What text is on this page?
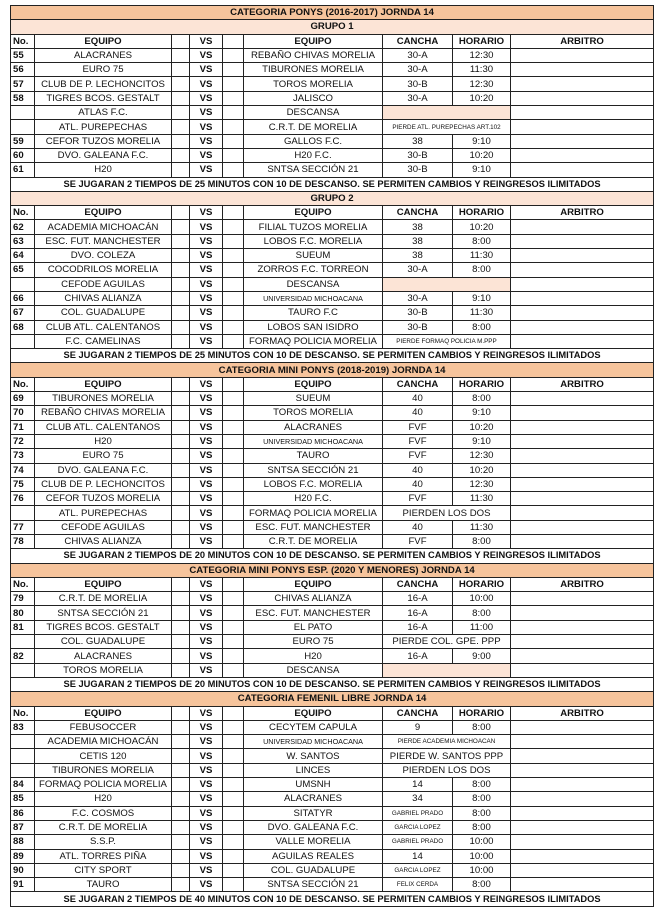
CATEGORIA PONYS (2016-2017) JORNDA 14								
GRUPO 1								
No.	EQUIPO		VS		EQUIPO	CANCHA	HORARIO	ARBITRO
55	ALACRANES		VS		REBAÑO CHIVAS MORELIA	30-A	12:30	
56	EURO 75		VS		TIBURONES MORELIA	30-A	11:30	
57	CLUB DE P. LECHONCITOS		VS		TOROS MORELIA	30-B	12:30	
58	TIGRES BCOS. GESTALT		VS		JALISCO	30-A	10:20	
	ATLAS F.C.		VS		DESCANSA			
	ATL. PUREPECHAS		VS		C.R.T. DE MORELIA	PIERDE ATL. PUREPECHAS ART.102		
59	CEFOR TUZOS MORELIA		VS		GALLOS F.C.	38	9:10	
60	DVO. GALEANA F.C.		VS		H20 F.C.	30-B	10:20	
61	H20		VS		SNTSA SECCIÓN 21	30-B	9:10	
SE JUGARAN 2 TIEMPOS DE 25 MINUTOS CON 10 DE DESCANSO. SE PERMITEN CAMBIOS Y REINGRESOS ILIMITADOS								
GRUPO 2								
No.	EQUIPO		VS		EQUIPO	CANCHA	HORARIO	ARBITRO
62	ACADEMIA MICHOACÁN		VS		FILIAL TUZOS MORELIA	38	10:20	
63	ESC. FUT. MANCHESTER		VS		LOBOS F.C. MORELIA	38	8:00	
64	DVO. COLEZA		VS		SUEUM	38	11:30	
65	COCODRILOS MORELIA		VS		ZORROS F.C. TORREON	30-A	8:00	
	CEFODE AGUILAS		VS		DESCANSA			
66	CHIVAS ALIANZA		VS		UNIVERSIDAD MICHOACANA	30-A	9:10	
67	COL. GUADALUPE		VS		TAURO F.C	30-B	11:30	
68	CLUB ATL. CALENTANOS		VS		LOBOS SAN ISIDRO	30-B	8:00	
	F.C. CAMELINAS		VS		FORMAQ POLICIA MORELIA	PIERDE FORMAQ POLICIA M.PPP		
SE JUGARAN 2 TIEMPOS DE 25 MINUTOS CON 10 DE DESCANSO. SE PERMITEN CAMBIOS Y REINGRESOS ILIMITADOS								
CATEGORIA MINI PONYS (2018-2019) JORNDA 14								
No.	EQUIPO		VS		EQUIPO	CANCHA	HORARIO	ARBITRO
69	TIBURONES MORELIA		VS		SUEUM	40	8:00	
70	REBAÑO CHIVAS MORELIA		VS		TOROS MORELIA	40	9:10	
71	CLUB ATL. CALENTANOS		VS		ALACRANES	FVF	10:20	
72	H20		VS		UNIVERSIDAD MICHOACANA	FVF	9:10	
73	EURO 75		VS		TAURO	FVF	12:30	
74	DVO. GALEANA F.C.		VS		SNTSA SECCIÓN 21	40	10:20	
75	CLUB DE P. LECHONCITOS		VS		LOBOS F.C. MORELIA	40	12:30	
76	CEFOR TUZOS MORELIA		VS		H20 F.C.	FVF	11:30	
	ATL. PUREPECHAS		VS		FORMAQ POLICIA MORELIA	PIERDEN LOS DOS		
77	CEFODE AGUILAS		VS		ESC. FUT. MANCHESTER	40	11:30	
78	CHIVAS ALIANZA		VS		C.R.T. DE MORELIA	FVF	8:00	
SE JUGARAN 2 TIEMPOS DE 20 MINUTOS CON 10 DE DESCANSO. SE PERMITEN CAMBIOS Y REINGRESOS ILIMITADOS								
CATEGORIA MINI PONYS ESP. (2020 Y MENORES) JORNDA 14								
No.	EQUIPO		VS		EQUIPO	CANCHA	HORARIO	ARBITRO
79	C.R.T. DE MORELIA		VS		CHIVAS ALIANZA	16-A	10:00	
80	SNTSA SECCIÓN 21		VS		ESC. FUT. MANCHESTER	16-A	8:00	
81	TIGRES BCOS. GESTALT		VS		EL PATO	16-A	11:00	
	COL. GUADALUPE		VS		EURO 75	PIERDE COL. GPE. PPP		
82	ALACRANES		VS		H20	16-A	9:00	
	TOROS MORELIA		VS		DESCANSA			
SE JUGARAN 2 TIEMPOS DE 20 MINUTOS CON 10 DE DESCANSO. SE PERMITEN CAMBIOS Y REINGRESOS ILIMITADOS								
CATEGORIA FEMENIL LIBRE JORNDA 14								
No.	EQUIPO		VS		EQUIPO	CANCHA	HORARIO	ARBITRO
83	FEBUSOCCER		VS		CECYTEM CAPULA	9	8:00	
	ACADEMIA MICHOACÁN		VS		UNIVERSIDAD MICHOACANA	PIERDE ACADEMIA MICHOACAN		
	CETIS 120		VS		W. SANTOS	PIERDE W. SANTOS PPP		
	TIBURONES MORELIA		VS		LINCES	PIERDEN LOS DOS		
84	FORMAQ POLICIA MORELIA		VS		UMSNH	14	8:00	
85	H20		VS		ALACRANES	34	8:00	
86	F.C. COSMOS		VS		SITATYR	GABRIEL PRADO	8:00	
87	C.R.T. DE MORELIA		VS		DVO. GALEANA F.C.	GARCIA LOPEZ	8:00	
88	S.S.P.		VS		VALLE MORELIA	GABRIEL PRADO	10:00	
89	ATL. TORRES PIÑA		VS		AGUILAS REALES	14	10:00	
90	CITY SPORT		VS		COL. GUADALUPE	GARCIA LOPEZ	10:00	
91	TAURO		VS		SNTSA SECCIÓN 21	FELIX CERDA	8:00	
SE JUGARAN 2 TIEMPOS DE 40 MINUTOS CON 10 DE DESCANSO. SE PERMITEN CAMBIOS Y REINGRESOS ILIMITADOS								
